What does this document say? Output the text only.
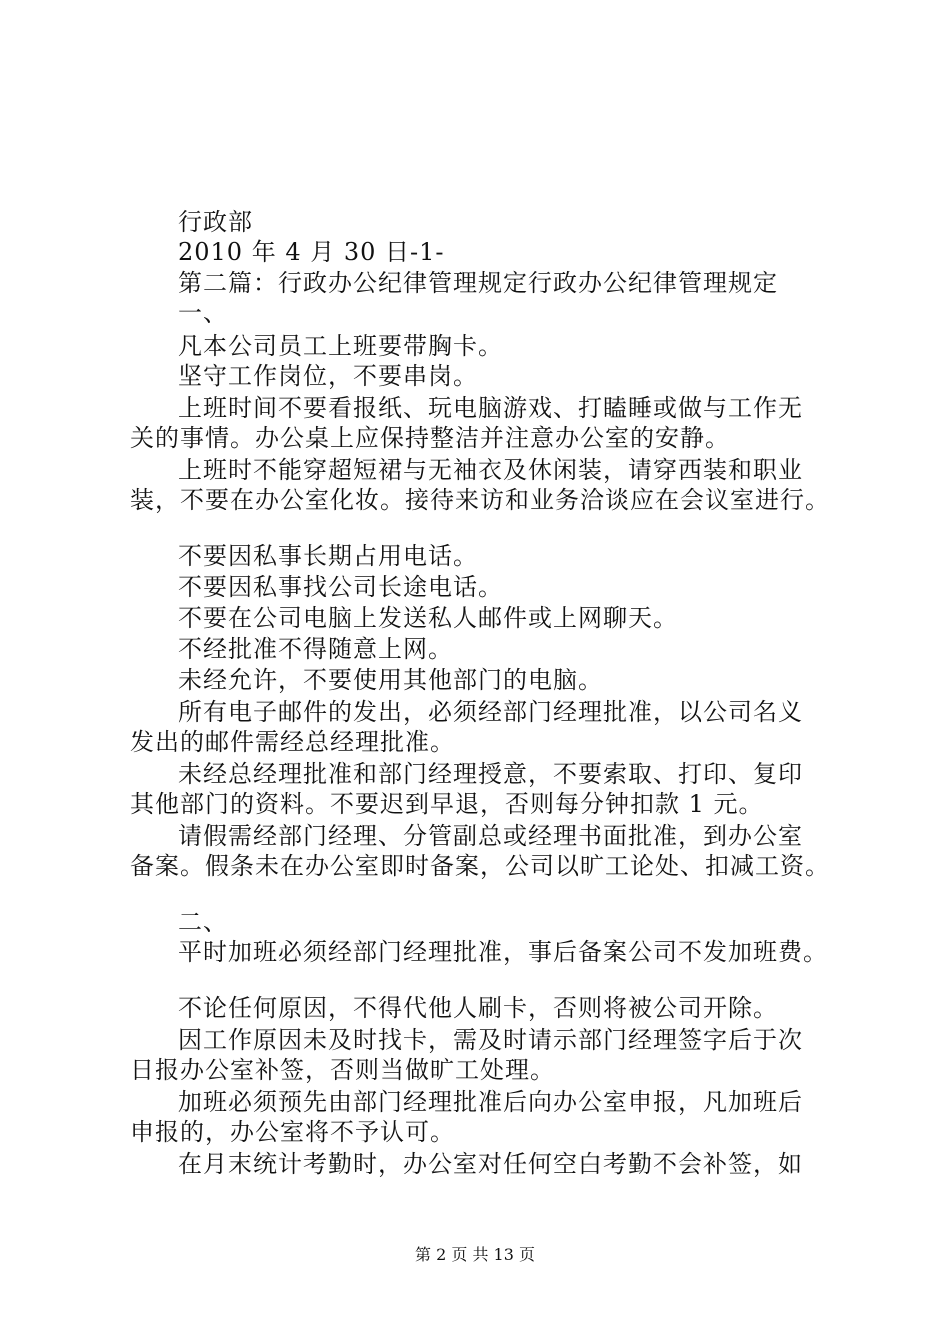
行政部
2010 年 4 月 30 日-1-
第二篇：行政办公纪律管理规定行政办公纪律管理规定
一、
凡本公司员工上班要带胸卡。
坚守工作岗位，不要串岗。
上班时间不要看报纸、玩电脑游戏、打瞌睡或做与工作无
关的事情。办公桌上应保持整洁并注意办公室的安静。
上班时不能穿超短裙与无袖衣及休闲装，请穿西装和职业
装，不要在办公室化妆。接待来访和业务洽谈应在会议室进行。
不要因私事长期占用电话。
不要因私事找公司长途电话。
不要在公司电脑上发送私人邮件或上网聊天。
不经批准不得随意上网。
未经允许，不要使用其他部门的电脑。
所有电子邮件的发出，必须经部门经理批准，以公司名义
发出的邮件需经总经理批准。
未经总经理批准和部门经理授意，不要索取、打印、复印
其他部门的资料。不要迟到早退，否则每分钟扣款 1 元。
请假需经部门经理、分管副总或经理书面批准，到办公室
备案。假条未在办公室即时备案，公司以旷工论处、扣减工资。
二、
平时加班必须经部门经理批准，事后备案公司不发加班费。
不论任何原因，不得代他人刷卡，否则将被公司开除。
因工作原因未及时找卡，需及时请示部门经理签字后于次
日报办公室补签，否则当做旷工处理。
加班必须预先由部门经理批准后向办公室申报，凡加班后
申报的，办公室将不予认可。
在月末统计考勤时，办公室对任何空白考勤不会补签，如
第 2 页 共 13 页
